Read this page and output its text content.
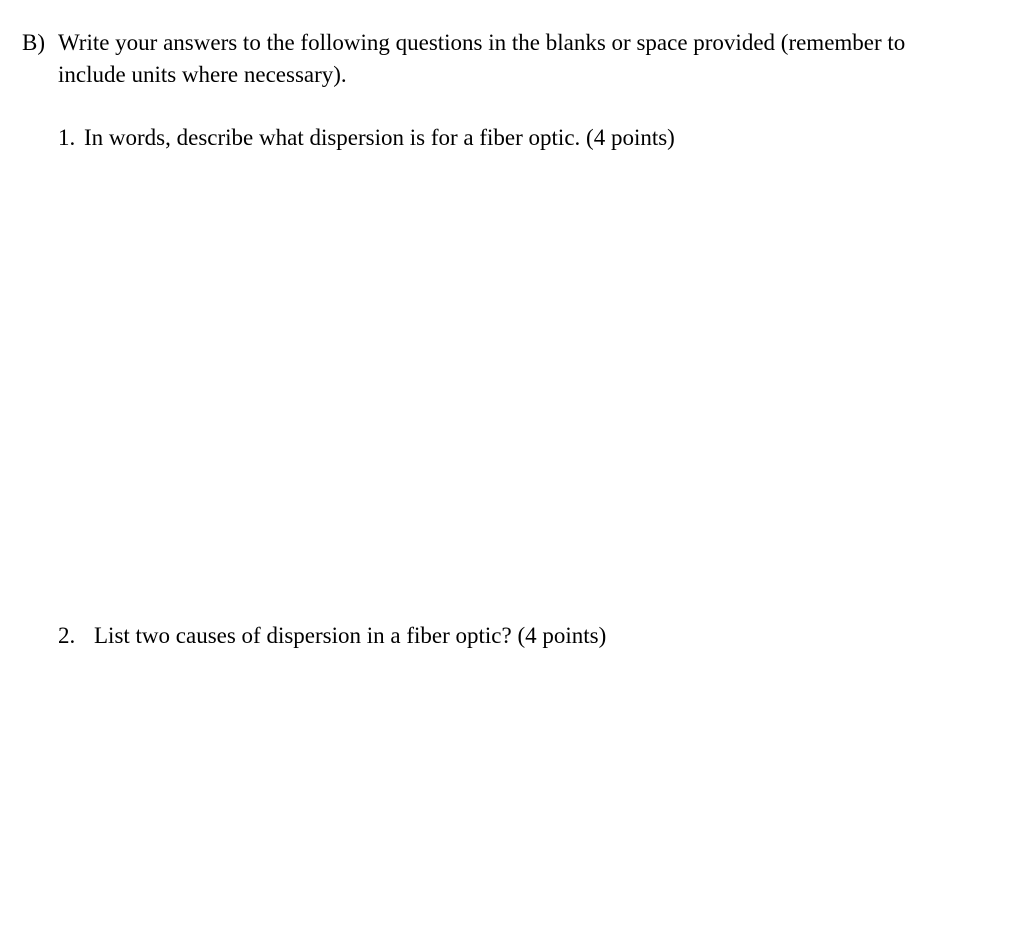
B) Write your answers to the following questions in the blanks or space provided (remember to
include units where necessary).
1. In words, describe what dispersion is for a fiber optic. (4 points)
2. List two causes of dispersion in a fiber optic? (4 points)
